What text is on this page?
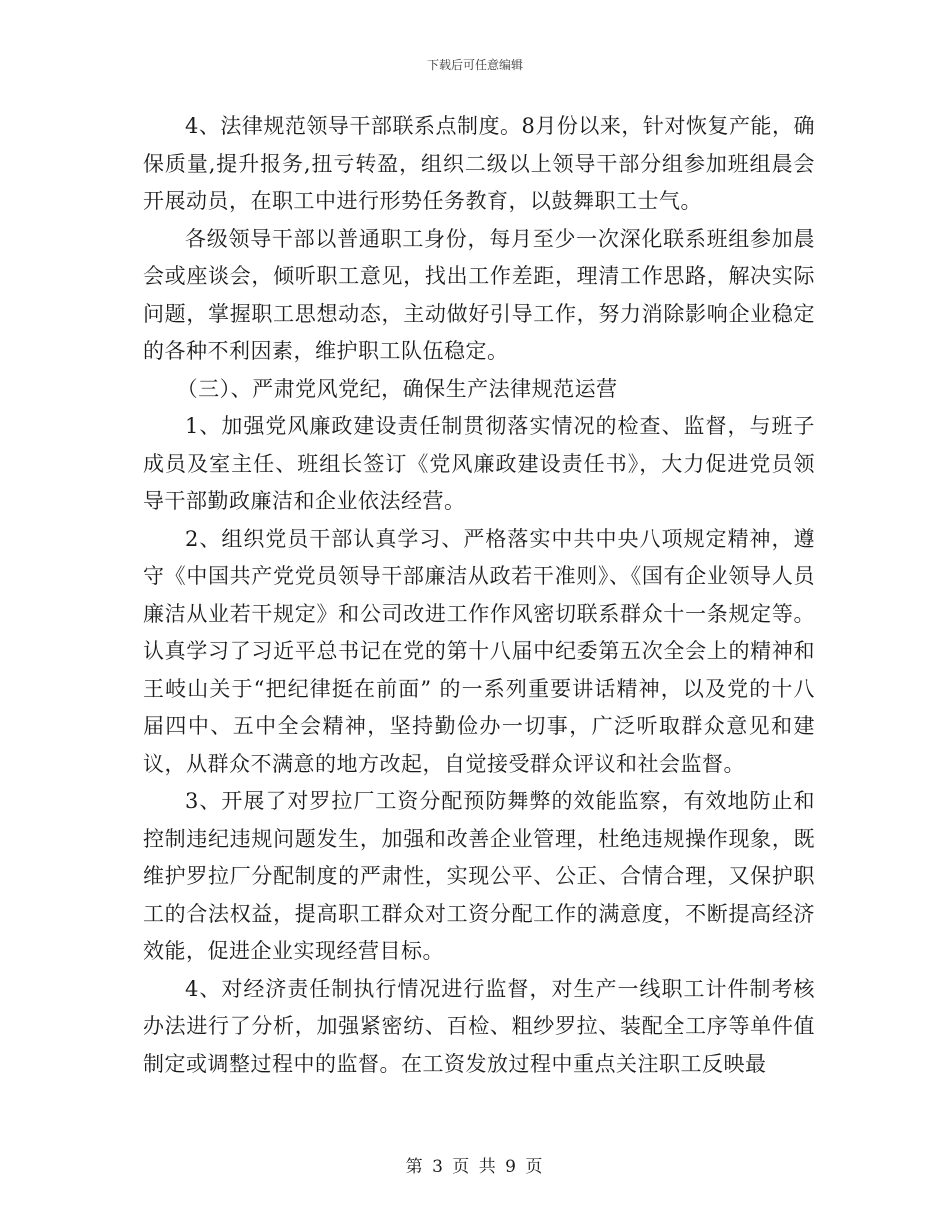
下载后可任意编辑

4、法律规范领导干部联系点制度。8月份以来，针对恢复产能，确保质量,提升报务,扭亏转盈，组织二级以上领导干部分组参加班组晨会开展动员，在职工中进行形势任务教育，以鼓舞职工士气。

各级领导干部以普通职工身份，每月至少一次深化联系班组参加晨会或座谈会，倾听职工意见，找出工作差距，理清工作思路，解决实际问题，掌握职工思想动态，主动做好引导工作，努力消除影响企业稳定的各种不利因素，维护职工队伍稳定。

（三）、严肃党风党纪，确保生产法律规范运营

1、加强党风廉政建设责任制贯彻落实情况的检查、监督，与班子成员及室主任、班组长签订《党风廉政建设责任书》，大力促进党员领导干部勤政廉洁和企业依法经营。

2、组织党员干部认真学习、严格落实中共中央八项规定精神，遵守《中国共产党党员领导干部廉洁从政若干准则》、《国有企业领导人员廉洁从业若干规定》和公司改进工作作风密切联系群众十一条规定等。认真学习了习近平总书记在党的第十八届中纪委第五次全会上的精神和王岐山关于“把纪律挺在前面” 的一系列重要讲话精神，以及党的十八届四中、五中全会精神，坚持勤俭办一切事，广泛听取群众意见和建议，从群众不满意的地方改起，自觉接受群众评议和社会监督。

3、开展了对罗拉厂工资分配预防舞弊的效能监察，有效地防止和控制违纪违规问题发生，加强和改善企业管理，杜绝违规操作现象，既维护罗拉厂分配制度的严肃性，实现公平、公正、合情合理，又保护职工的合法权益，提高职工群众对工资分配工作的满意度，不断提高经济效能，促进企业实现经营目标。

4、对经济责任制执行情况进行监督，对生产一线职工计件制考核办法进行了分析，加强紧密纺、百检、粗纱罗拉、装配全工序等单件值制定或调整过程中的监督。在工资发放过程中重点关注职工反映最

第 3 页 共 9 页
